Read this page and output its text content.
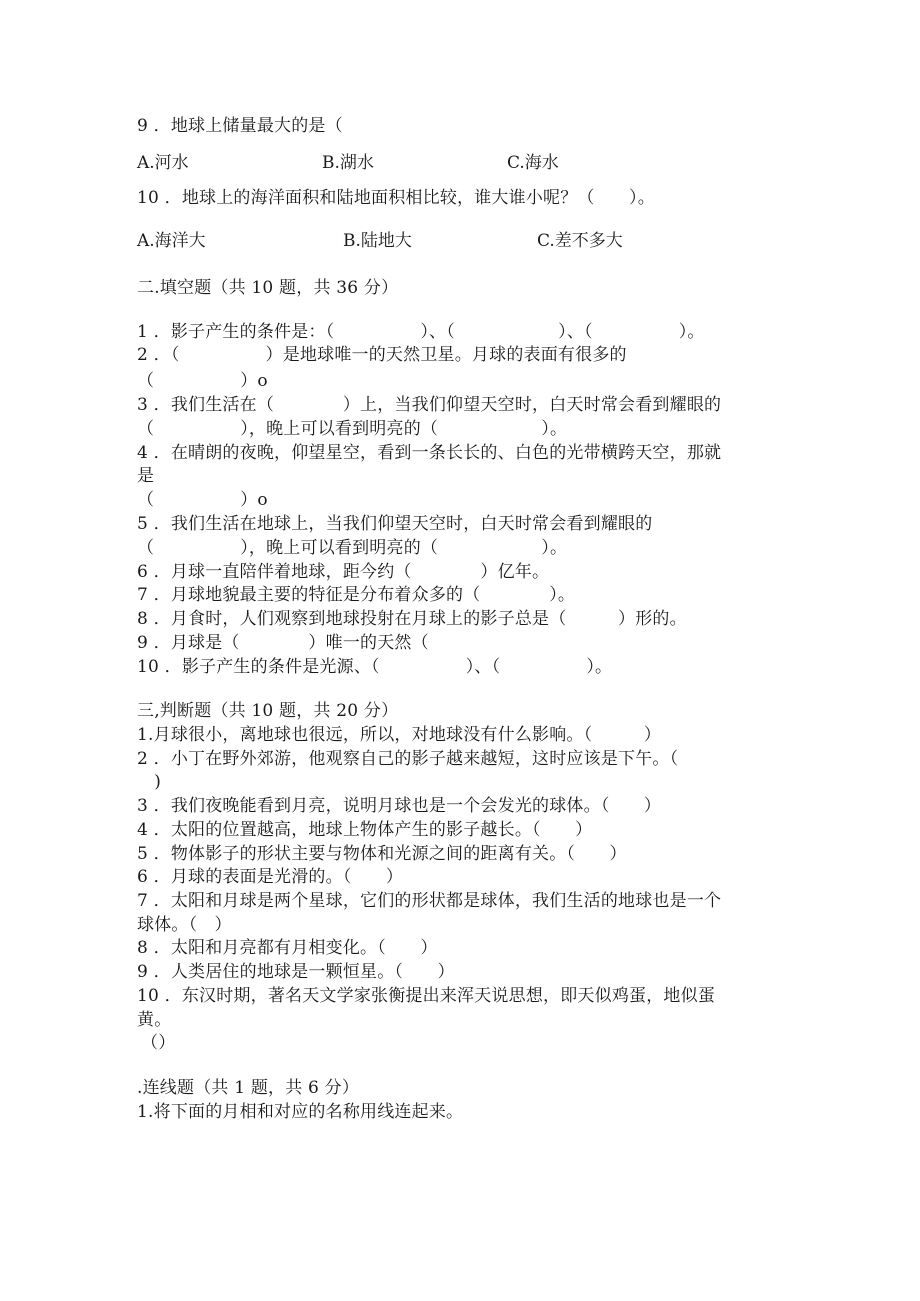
9 ．地球上储量最大的是（
A.河水	B.湖水	C.海水
10 ．地球上的海洋面积和陆地面积相比较，谁大谁小呢？（　　）。
A.海洋大	B.陆地大	C.差不多大
二.填空题（共 10 题，共 36 分）
1 ．影子产生的条件是：（　　　　　）、（　　　　　　）、（　　　　　）。
2 ．（　　　　　）是地球唯一的天然卫星。月球的表面有很多的
（　　　　　）o
3 ．我们生活在（　　　　）上，当我们仰望天空时，白天时常会看到耀眼的
（　　　　　），晚上可以看到明亮的（　　　　　　）。
4 ．在晴朗的夜晚，仰望星空，看到一条长长的、白色的光带横跨天空，那就
是
（　　　　　）o
5 ．我们生活在地球上，当我们仰望天空时，白天时常会看到耀眼的
（　　　　　），晚上可以看到明亮的（　　　　　　）。
6 ．月球一直陪伴着地球，距今约（　　　　）亿年。
7 ．月球地貌最主要的特征是分布着众多的（　　　　）。
8 ．月食时，人们观察到地球投射在月球上的影子总是（　　　）形的。
9 ．月球是（　　　　）唯一的天然（
10 ．影子产生的条件是光源、（　　　　　）、（　　　　　）。
三,判断题（共 10 题，共 20 分）
1.月球很小，离地球也很远，所以，对地球没有什么影响。（　　　）
2 ．小丁在野外郊游，他观察自己的影子越来越短，这时应该是下午。（
　)
3 ．我们夜晚能看到月亮，说明月球也是一个会发光的球体。（　　）
4 ．太阳的位置越高，地球上物体产生的影子越长。（　　）
5 ．物体影子的形状主要与物体和光源之间的距离有关。（　　）
6 ．月球的表面是光滑的。（　　）
7 ．太阳和月球是两个星球，它们的形状都是球体，我们生活的地球也是一个
球体。（　）
8 ．太阳和月亮都有月相变化。（　　）
9 ．人类居住的地球是一颗恒星。（　　）
10 ．东汉时期，著名天文学家张衡提出来浑天说思想，即天似鸡蛋，地似蛋
黄。
（）
.连线题（共 1 题，共 6 分）
1.将下面的月相和对应的名称用线连起来。
